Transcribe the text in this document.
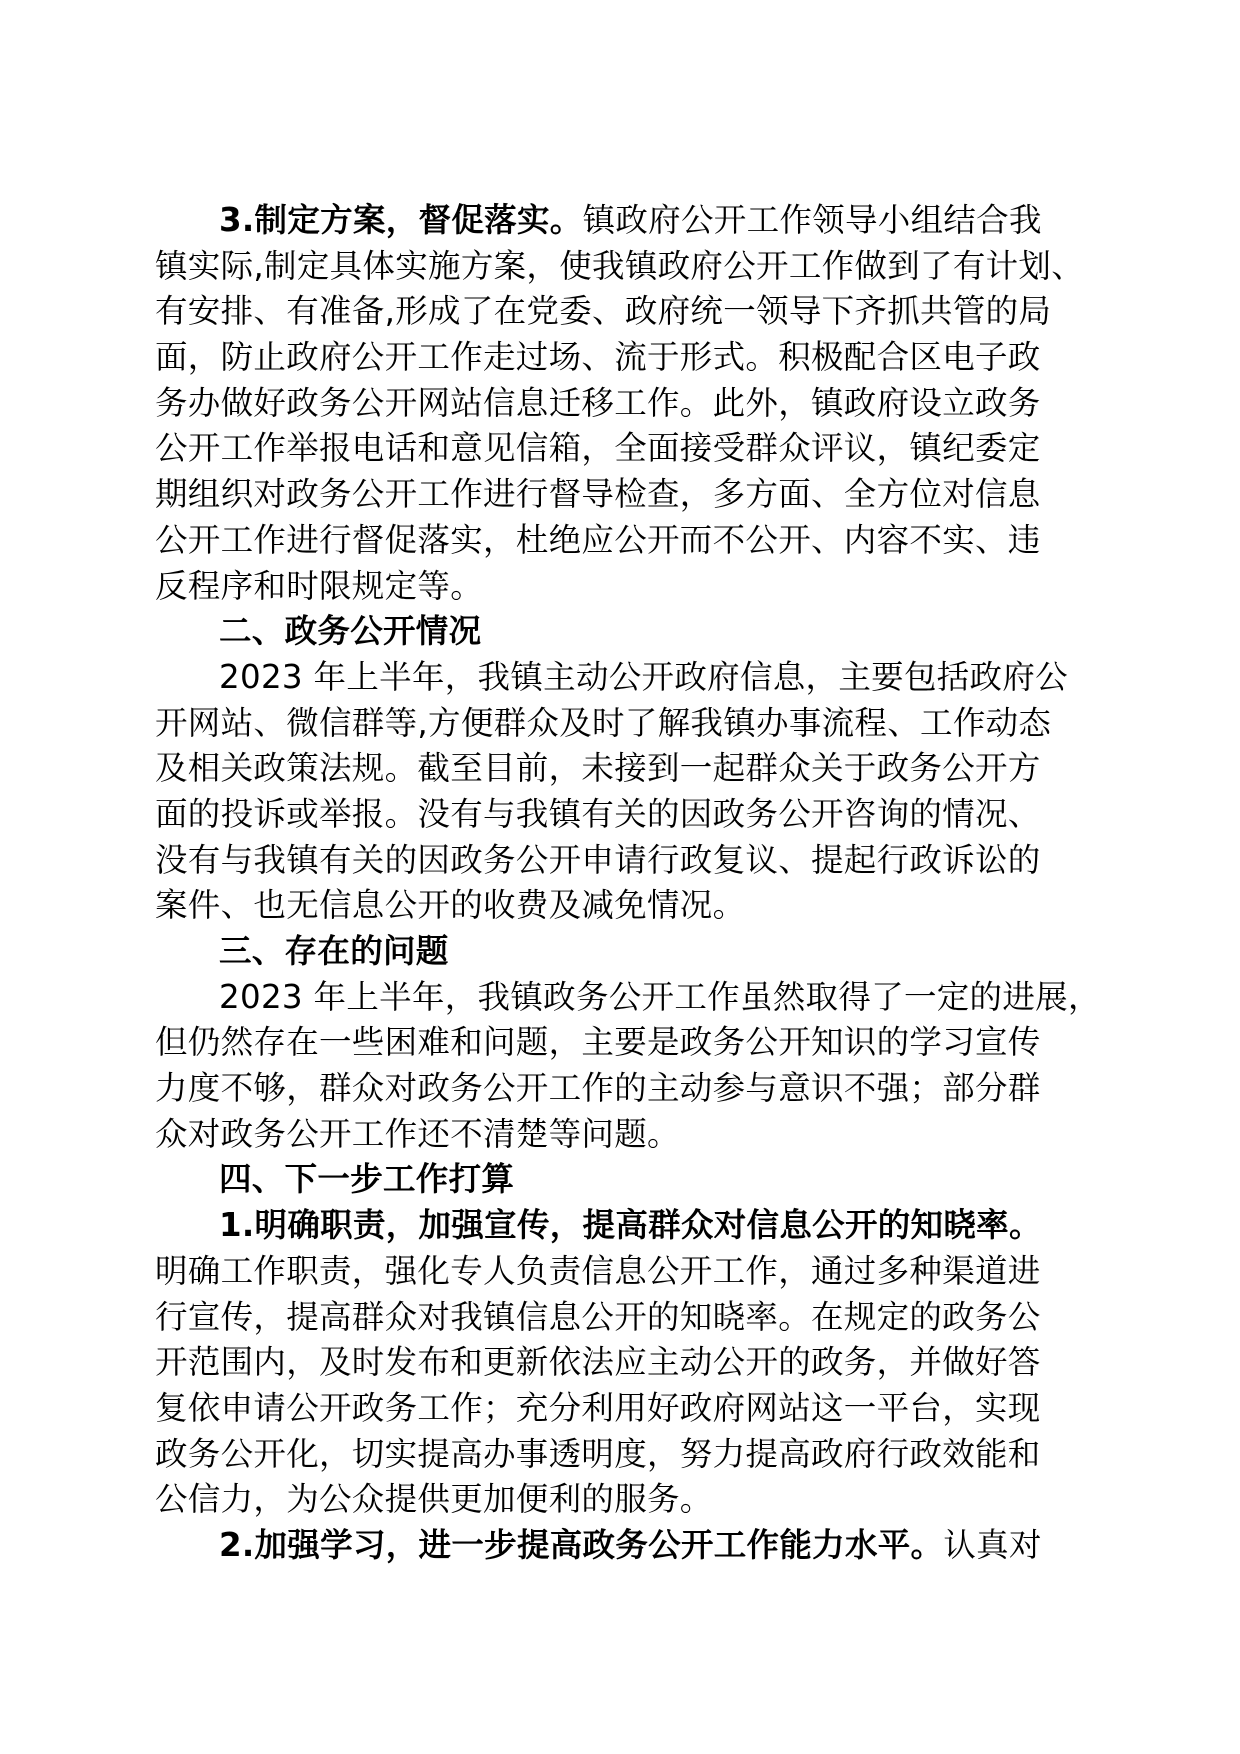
3.制定方案，督促落实。镇政府公开工作领导小组结合我
镇实际,制定具体实施方案，使我镇政府公开工作做到了有计划、
有安排、有准备,形成了在党委、政府统一领导下齐抓共管的局
面，防止政府公开工作走过场、流于形式。积极配合区电子政
务办做好政务公开网站信息迁移工作。此外，镇政府设立政务
公开工作举报电话和意见信箱，全面接受群众评议，镇纪委定
期组织对政务公开工作进行督导检查，多方面、全方位对信息
公开工作进行督促落实，杜绝应公开而不公开、内容不实、违
反程序和时限规定等。
二、政务公开情况
2023 年上半年，我镇主动公开政府信息，主要包括政府公
开网站、微信群等,方便群众及时了解我镇办事流程、工作动态
及相关政策法规。截至目前，未接到一起群众关于政务公开方
面的投诉或举报。没有与我镇有关的因政务公开咨询的情况、
没有与我镇有关的因政务公开申请行政复议、提起行政诉讼的
案件、也无信息公开的收费及减免情况。
三、存在的问题
2023 年上半年，我镇政务公开工作虽然取得了一定的进展，
但仍然存在一些困难和问题，主要是政务公开知识的学习宣传
力度不够，群众对政务公开工作的主动参与意识不强；部分群
众对政务公开工作还不清楚等问题。
四、下一步工作打算
1.明确职责，加强宣传，提高群众对信息公开的知晓率。
明确工作职责，强化专人负责信息公开工作，通过多种渠道进
行宣传，提高群众对我镇信息公开的知晓率。在规定的政务公
开范围内，及时发布和更新依法应主动公开的政务，并做好答
复依申请公开政务工作；充分利用好政府网站这一平台，实现
政务公开化，切实提高办事透明度，努力提高政府行政效能和
公信力，为公众提供更加便利的服务。
2.加强学习，进一步提高政务公开工作能力水平。认真对
